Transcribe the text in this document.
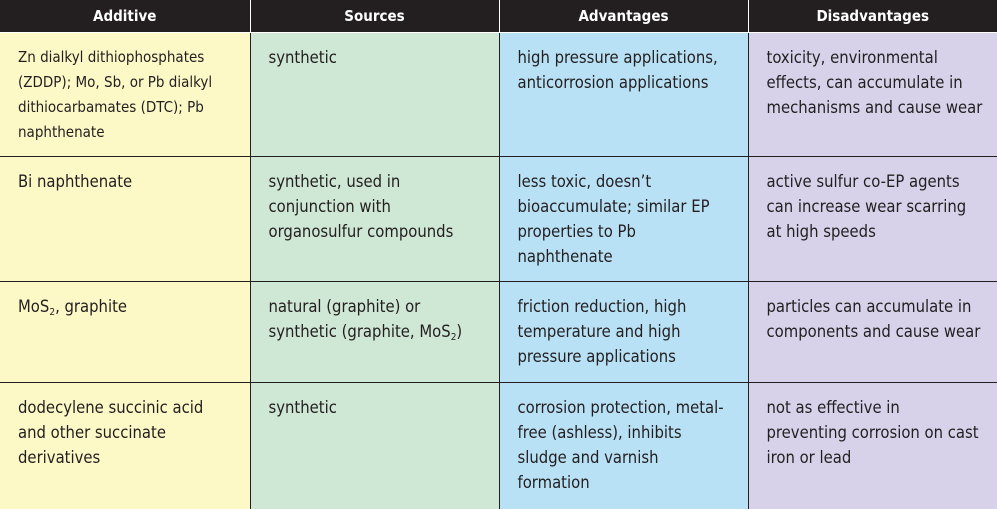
Additive	Sources	Advantages	Disadvantages
Zn dialkyl dithiophosphates (ZDDP); Mo, Sb, or Pb dialkyl dithiocarbamates (DTC); Pb naphthenate	synthetic	high pressure applications, anticorrosion applications	toxicity, environmental effects, can accumulate in mechanisms and cause wear
Bi naphthenate	synthetic, used in conjunction with organosulfur compounds	less toxic, doesn’t bioaccumulate; similar EP properties to Pb naphthenate	active sulfur co-EP agents can increase wear scarring at high speeds
MoS$_2$, graphite	natural (graphite) or synthetic (graphite, MoS$_2$)	friction reduction, high temperature and high pressure applications	particles can accumulate in components and cause wear
dodecylene succinic acid and other succinate derivatives	synthetic	corrosion protection, metal-free (ashless), inhibits sludge and varnish formation	not as effective in preventing corrosion on cast iron or lead
